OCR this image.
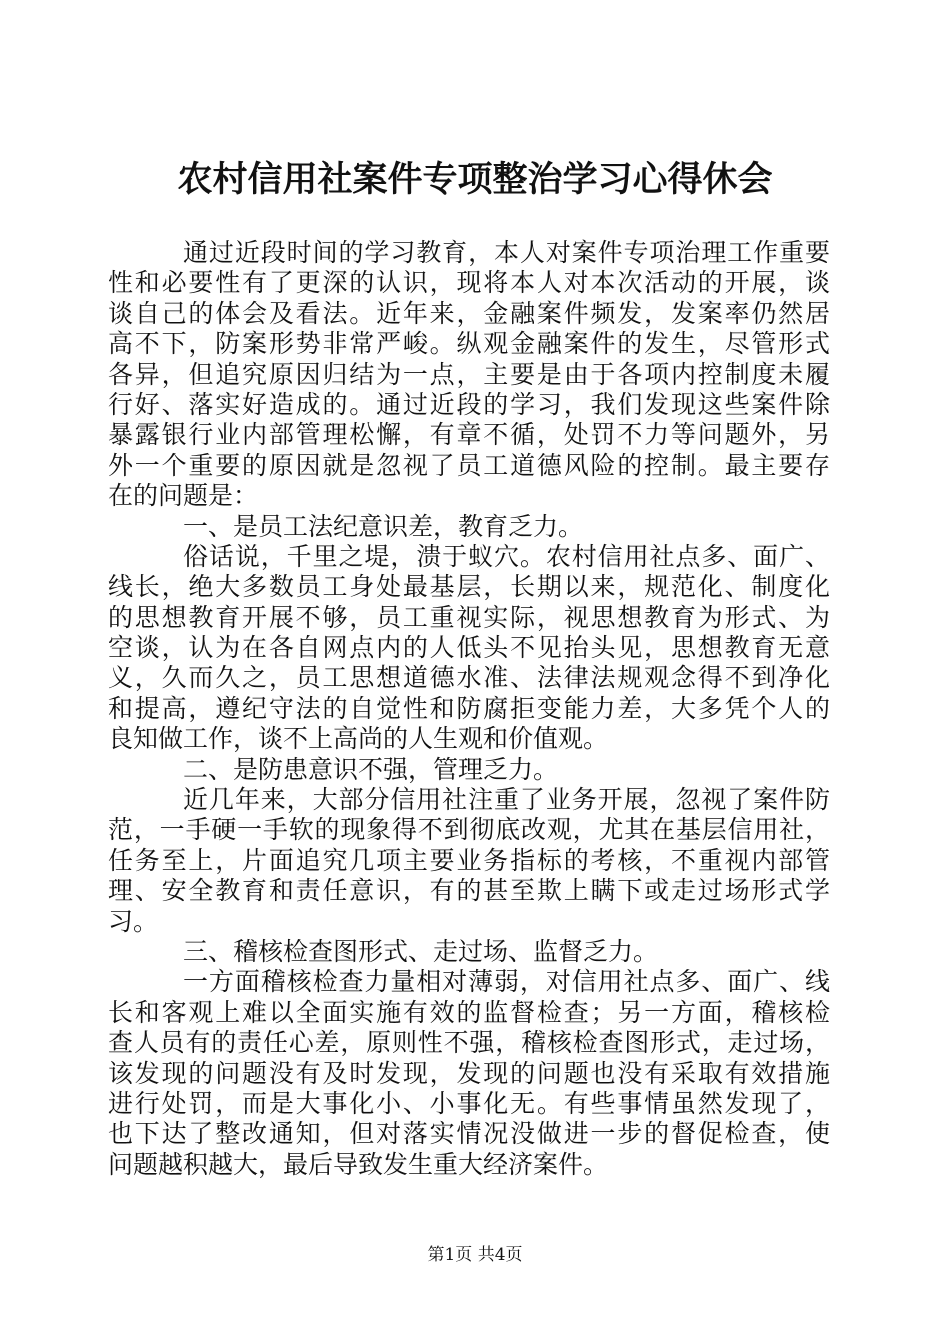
农村信用社案件专项整治学习心得休会
通过近段时间的学习教育，本人对案件专项治理工作重要
性和必要性有了更深的认识，现将本人对本次活动的开展，谈
谈自己的体会及看法。近年来，金融案件频发，发案率仍然居
高不下，防案形势非常严峻。纵观金融案件的发生，尽管形式
各异，但追究原因归结为一点，主要是由于各项内控制度未履
行好、落实好造成的。通过近段的学习，我们发现这些案件除
暴露银行业内部管理松懈，有章不循，处罚不力等问题外，另
外一个重要的原因就是忽视了员工道德风险的控制。最主要存
在的问题是：
一、是员工法纪意识差，教育乏力。
俗话说，千里之堤，溃于蚁穴。农村信用社点多、面广、
线长，绝大多数员工身处最基层，长期以来，规范化、制度化
的思想教育开展不够，员工重视实际，视思想教育为形式、为
空谈，认为在各自网点内的人低头不见抬头见，思想教育无意
义，久而久之，员工思想道德水准、法律法规观念得不到净化
和提高，遵纪守法的自觉性和防腐拒变能力差，大多凭个人的
良知做工作，谈不上高尚的人生观和价值观。
二、是防患意识不强，管理乏力。
近几年来，大部分信用社注重了业务开展，忽视了案件防
范，一手硬一手软的现象得不到彻底改观，尤其在基层信用社，
任务至上，片面追究几项主要业务指标的考核，不重视内部管
理、安全教育和责任意识，有的甚至欺上瞒下或走过场形式学
习。
三、稽核检查图形式、走过场、监督乏力。
一方面稽核检查力量相对薄弱，对信用社点多、面广、线
长和客观上难以全面实施有效的监督检查；另一方面，稽核检
查人员有的责任心差，原则性不强，稽核检查图形式，走过场，
该发现的问题没有及时发现，发现的问题也没有采取有效措施
进行处罚，而是大事化小、小事化无。有些事情虽然发现了，
也下达了整改通知，但对落实情况没做进一步的督促检查，使
问题越积越大，最后导致发生重大经济案件。
第1页 共4页
